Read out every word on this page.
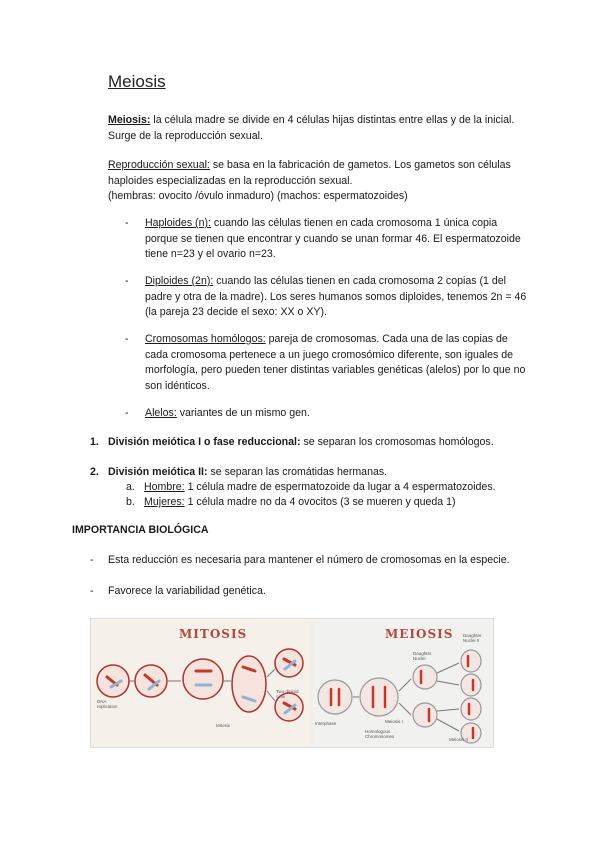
Meiosis

Meiosis: la célula madre se divide en 4 células hijas distintas entre ellas y de la inicial. Surge de la reproducción sexual.

Reproducción sexual: se basa en la fabricación de gametos. Los gametos son células haploides especializadas en la reproducción sexual.
(hembras: ovocito /óvulo inmaduro) (machos: espermatozoides)

- Haploides (n): cuando las células tienen en cada cromosoma 1 única copia porque se tienen que encontrar y cuando se unan formar 46. El espermatozoide tiene n=23 y el ovario n=23.
- Diploides (2n): cuando las células tienen en cada cromosoma 2 copias (1 del padre y otra de la madre). Los seres humanos somos diploides, tenemos 2n = 46 (la pareja 23 decide el sexo: XX o XY).
- Cromosomas homólogos: pareja de cromosomas. Cada una de las copias de cada cromosoma pertenece a un juego cromosómico diferente, son iguales de morfología, pero pueden tener distintas variables genéticas (alelos) por lo que no son idénticos.
- Alelos: variantes de un mismo gen.
1. División meiótica I o fase reduccional: se separan los cromosomas homólogos.
2. División meiótica II: se separan las cromátidas hermanas.
a. Hombre: 1 célula madre de espermatozoide da lugar a 4 espermatozoides.
b. Mujeres: 1 célula madre no da 4 ovocitos (3 se mueren y queda 1)
IMPORTANCIA BIOLÓGICA
- Esta reducción es necesaria para mantener el número de cromosomas en la especie.
- Favorece la variabilidad genética.
MITOSIS
DNA replication
Mitosis
Two diploid cells
MEIOSIS
Interphase	Meiosis I
Homologous Chromosomes
Daughter Nuclei
Daughter Nuclei II
Meiosis II
